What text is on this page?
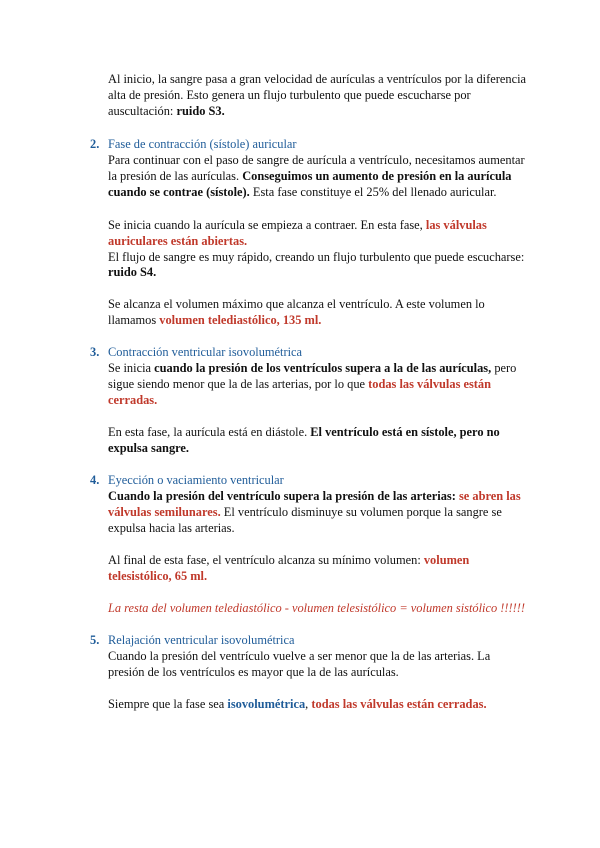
Al inicio, la sangre pasa a gran velocidad de aurículas a ventrículos por la diferencia

alta de presión. Esto genera un flujo turbulento que puede escucharse por

auscultación: ruido S3.

2. Fase de contracción (sístole) auricular

Para continuar con el paso de sangre de aurícula a ventrículo, necesitamos aumentar la presión de las aurículas. Conseguimos un aumento de presión en la aurícula cuando se contrae (sístole). Esta fase constituye el 25% del llenado auricular.

Se inicia cuando la aurícula se empieza a contraer. En esta fase, las válvulas auriculares están abiertas.

El flujo de sangre es muy rápido, creando un flujo turbulento que puede escucharse: ruido S4.

Se alcanza el volumen máximo que alcanza el ventrículo. A este volumen lo llamamos volumen telediastólico, 135 ml.

3. Contracción ventricular isovolumétrica

Se inicia cuando la presión de los ventrículos supera a la de las aurículas, pero sigue siendo menor que la de las arterias, por lo que todas las válvulas están cerradas.

En esta fase, la aurícula está en diástole. El ventrículo está en sístole, pero no expulsa sangre.

4. Eyección o vaciamiento ventricular

Cuando la presión del ventrículo supera la presión de las arterias: se abren las válvulas semilunares. El ventrículo disminuye su volumen porque la sangre se expulsa hacia las arterias.

Al final de esta fase, el ventrículo alcanza su mínimo volumen: volumen telesistólico, 65 ml.

La resta del volumen telediastólico - volumen telesistólico = volumen sistólico !!!!!!

5. Relajación ventricular isovolumétrica

Cuando la presión del ventrículo vuelve a ser menor que la de las arterias. La presión de los ventrículos es mayor que la de las aurículas.

Siempre que la fase sea isovolumétrica, todas las válvulas están cerradas.
